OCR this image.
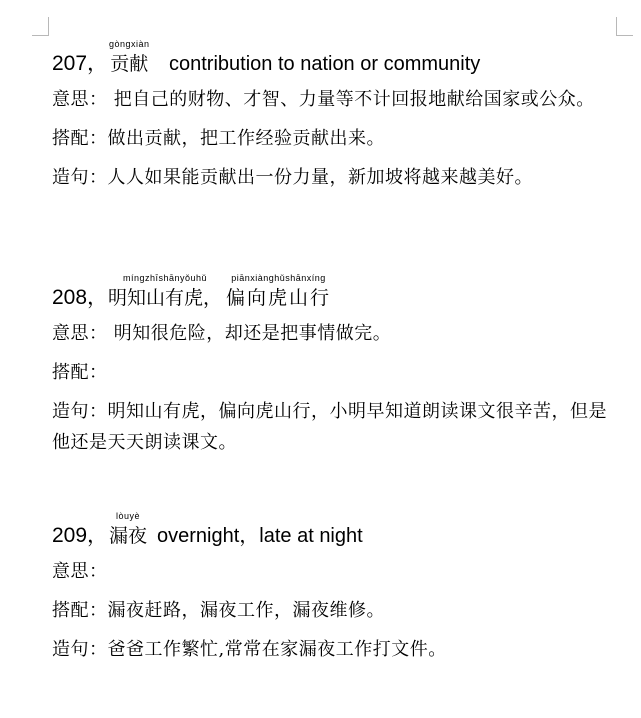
207，
gòngxiàn
贡献 contribution to nation or community

意思： 把自己的财物、才智、力量等不计回报地献给国家或公众。

搭配：做出贡献，把工作经验贡献出来。

造句：人人如果能贡献出一份力量，新加坡将越来越美好。

208，
míngzhīshānyǒuhǔ
明知山有虎，
piānxiànghǔshānxíng
偏向虎山行

意思： 明知很危险，却还是把事情做完。

搭配：

造句：明知山有虎，偏向虎山行，小明早知道朗读课文很辛苦，但是他还是天天朗读课文。

209，
lòuyè
漏夜 overnight，late at night

意思：

搭配：漏夜赶路，漏夜工作，漏夜维修。

造句：爸爸工作繁忙,常常在家漏夜工作打文件。
